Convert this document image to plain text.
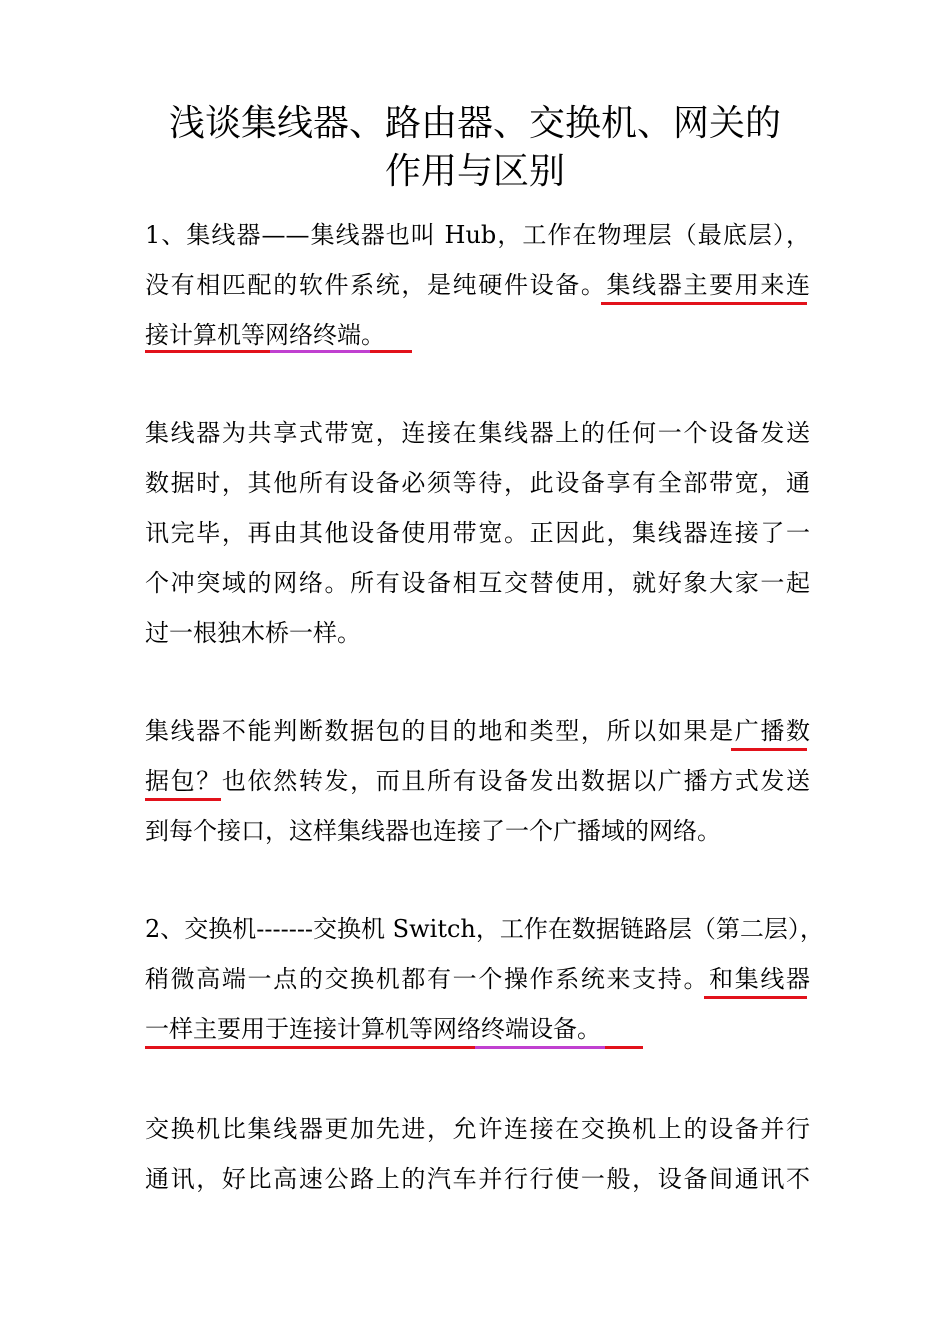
浅谈集线器、路由器、交换机、网关的
作用与区别
1、集线器——集线器也叫 Hub，工作在物理层（最底层），
没有相匹配的软件系统，是纯硬件设备。集线器主要用来连
接计算机等网络终端。
集线器为共享式带宽，连接在集线器上的任何一个设备发送
数据时，其他所有设备必须等待，此设备享有全部带宽，通
讯完毕，再由其他设备使用带宽。正因此，集线器连接了一
个冲突域的网络。所有设备相互交替使用，就好象大家一起
过一根独木桥一样。
集线器不能判断数据包的目的地和类型，所以如果是广播数
据包？也依然转发，而且所有设备发出数据以广播方式发送
到每个接口，这样集线器也连接了一个广播域的网络。
2、交换机-------交换机 Switch，工作在数据链路层（第二层），
稍微高端一点的交换机都有一个操作系统来支持。和集线器
一样主要用于连接计算机等网络终端设备。
交换机比集线器更加先进，允许连接在交换机上的设备并行
通讯，好比高速公路上的汽车并行行使一般，设备间通讯不
